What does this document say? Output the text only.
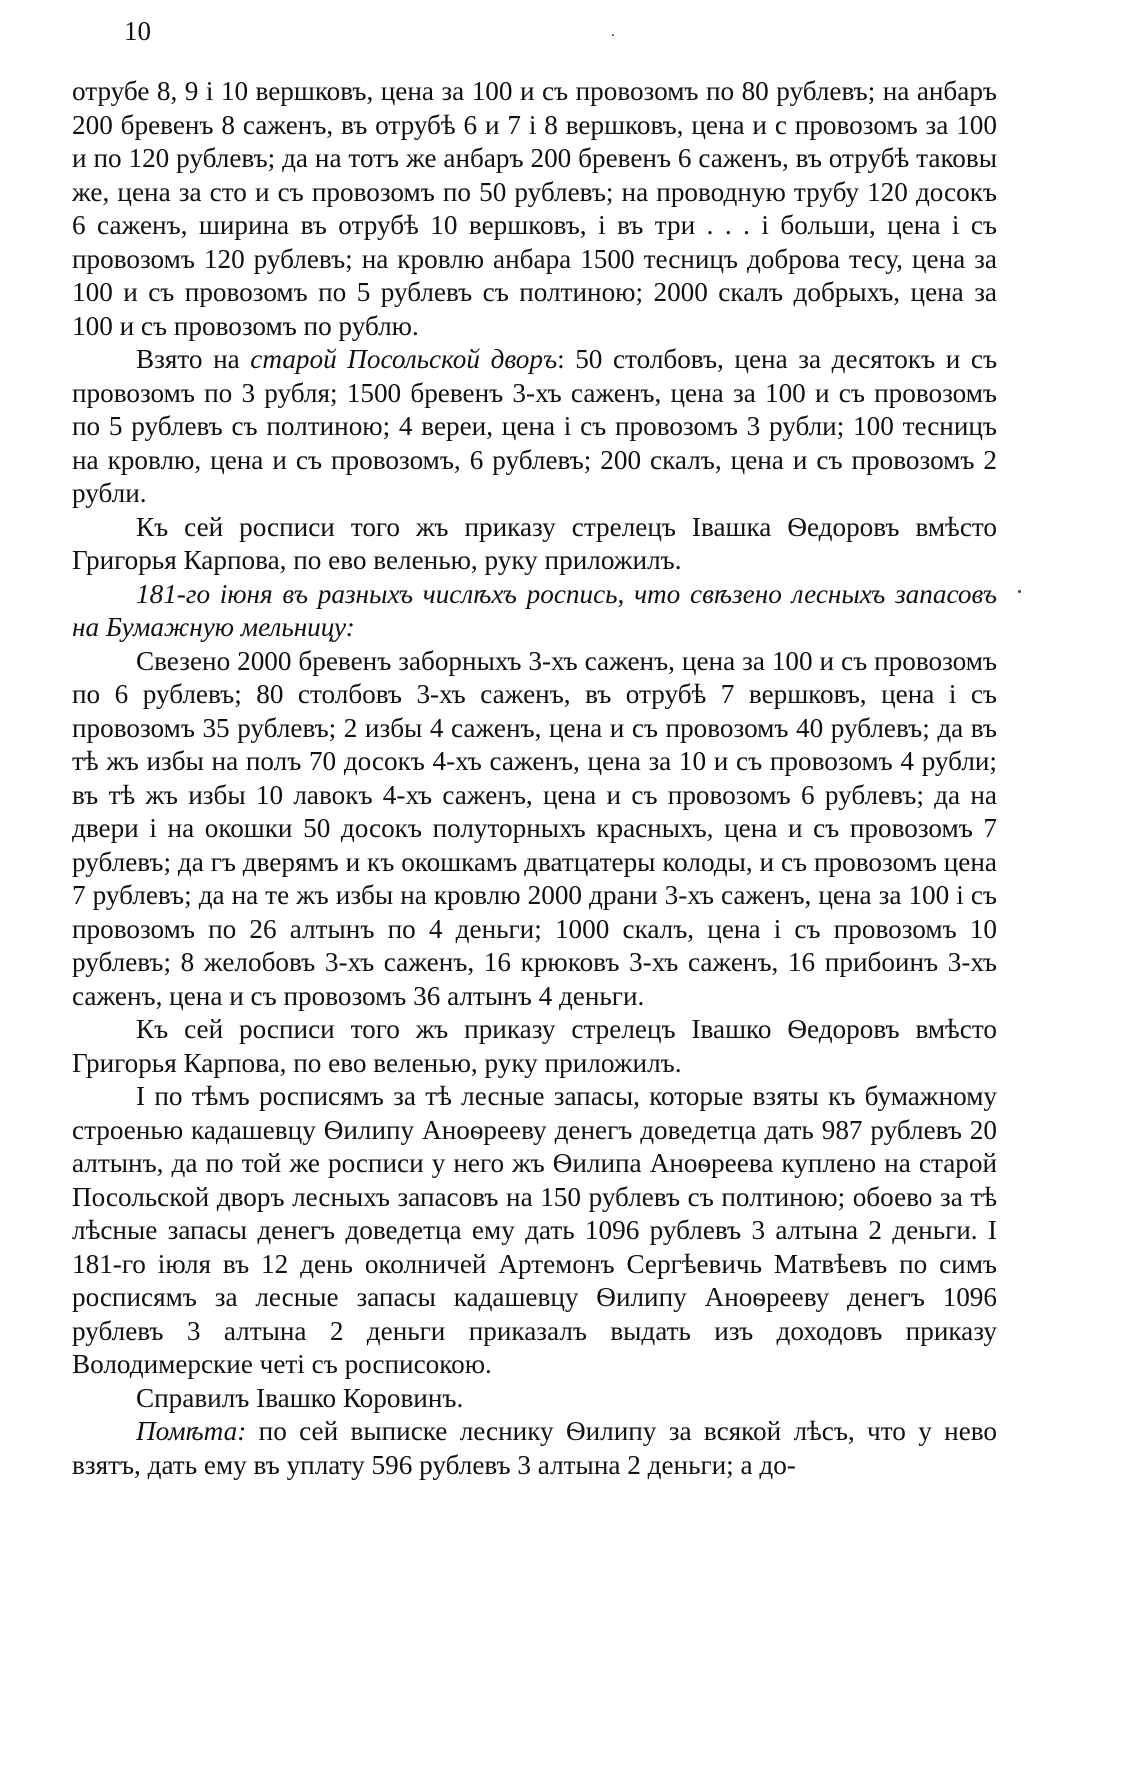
10

отрубе 8, 9 і 10 вершковъ, цена за 100 и съ провозомъ по 80 рублевъ; на анбаръ 200 бревенъ 8 саженъ, въ отрубѣ 6 и 7 і 8 вершковъ, цена и с провозомъ за 100 и по 120 рублевъ; да на тотъ же анбаръ 200 бревенъ 6 саженъ, въ отрубѣ таковы же, цена за сто и съ провозомъ по 50 рублевъ; на проводную трубу 120 досокъ 6 саженъ, ширина въ отрубѣ 10 вершковъ, і въ три . . . і больши, цена і съ провозомъ 120 рублевъ; на кровлю анбара 1500 тесницъ доброва тесу, цена за 100 и съ провозомъ по 5 рублевъ съ полтиною; 2000 скалъ добрыхъ, цена за 100 и съ провозомъ по рублю.

Взято на старой Посольской дворъ: 50 столбовъ, цена за десятокъ и съ провозомъ по 3 рубля; 1500 бревенъ 3-хъ саженъ, цена за 100 и съ провозомъ по 5 рублевъ съ полтиною; 4 вереи, цена і съ провозомъ 3 рубли; 100 тесницъ на кровлю, цена и съ провозомъ, 6 рублевъ; 200 скалъ, цена и съ провозомъ 2 рубли.

Къ сей росписи того жъ приказу стрелецъ Івашка Ѳедоровъ вмѣсто Григорья Карпова, по ево веленью, руку приложилъ.

181-го іюня въ разныхъ числѣхъ роспись, что свѣзено лесныхъ запасовъ на Бумажную мельницу:

Свезено 2000 бревенъ заборныхъ 3-хъ саженъ, цена за 100 и съ провозомъ по 6 рублевъ; 80 столбовъ 3-хъ саженъ, въ отрубѣ 7 вершковъ, цена і съ провозомъ 35 рублевъ; 2 избы 4 саженъ, цена и съ провозомъ 40 рублевъ; да въ тѣ жъ избы на полъ 70 досокъ 4-хъ саженъ, цена за 10 и съ провозомъ 4 рубли; въ тѣ жъ избы 10 лавокъ 4-хъ саженъ, цена и съ провозомъ 6 рублевъ; да на двери і на окошки 50 досокъ полуторныхъ красныхъ, цена и съ провозомъ 7 рублевъ; да гъ дверямъ и къ окошкамъ дватцатеры колоды, и съ провозомъ цена 7 рублевъ; да на те жъ избы на кровлю 2000 драни 3-хъ саженъ, цена за 100 і съ провозомъ по 26 алтынъ по 4 деньги; 1000 скалъ, цена і съ провозомъ 10 рублевъ; 8 желобовъ 3-хъ саженъ, 16 крюковъ 3-хъ саженъ, 16 прибоинъ 3-хъ саженъ, цена и съ провозомъ 36 алтынъ 4 деньги.

Къ сей росписи того жъ приказу стрелецъ Івашко Ѳедоровъ вмѣсто Григорья Карпова, по ево веленью, руку приложилъ.

І по тѣмъ росписямъ за тѣ лесные запасы, которые взяты къ бумажному строенью кадашевцу Ѳилипу Аноѳрееву денегъ доведетца дать 987 рублевъ 20 алтынъ, да по той же росписи у него жъ Ѳилипа Аноѳреева куплено на старой Посольской дворъ лесныхъ запасовъ на 150 рублевъ съ полтиною; обоево за тѣ лѣсные запасы денегъ доведетца ему дать 1096 рублевъ 3 алтына 2 деньги. І 181-го іюля въ 12 день околничей Артемонъ Сергѣевичь Матвѣевъ по симъ росписямъ за лесные запасы кадашевцу Ѳилипу Аноѳрееву денегъ 1096 рублевъ 3 алтына 2 деньги приказалъ выдать изъ доходовъ приказу Володимерские четі съ росписокою.

Справилъ Івашко Коровинъ.

Помѣта: по сей выписке леснику Ѳилипу за всякой лѣсъ, что у нево взятъ, дать ему въ уплату 596 рублевъ 3 алтына 2 деньги; а до-
